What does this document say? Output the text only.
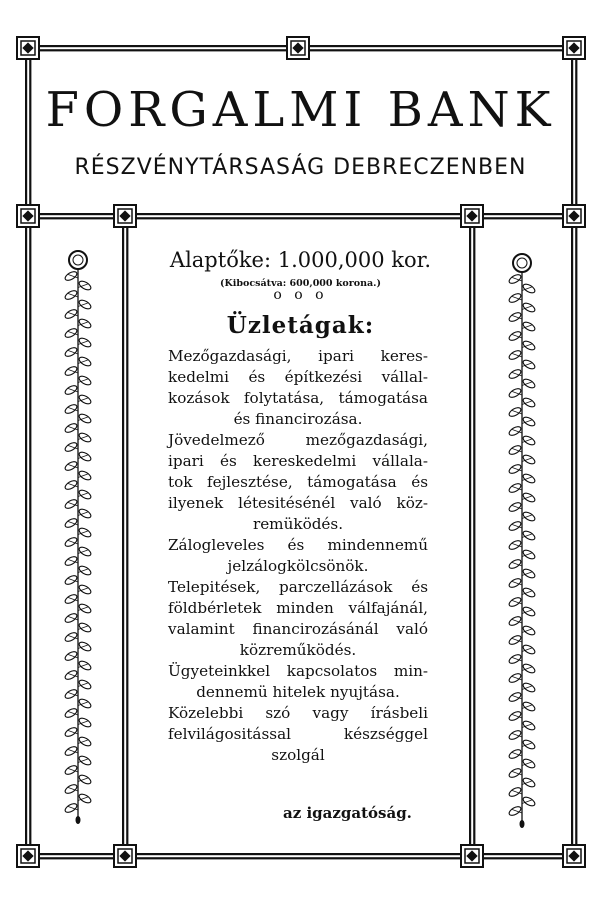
FORGALMI BANK
RÉSZVÉNYTÁRSASÁG DEBRECZENBEN
Alaptőke: 1.000,000 kor.
(Kibocsátva: 600,000 korona.)
o o o
Üzletágak:
Mezőgazdasági, ipari keres-
kedelmi és építkezési vállal-
kozások folytatása, támogatása
és financirozása.
Jövedelmező mezőgazdasági,
ipari és kereskedelmi vállala-
tok fejlesztése, támogatása és
ilyenek létesitésénél való köz-
remüködés.
Zálogleveles és mindennemű
jelzálogkölcsönök.
Telepitések, parczellázások és
földbérletek minden válfajánál,
valamint financirozásánál való
közreműködés.
Ügyeteinkkel kapcsolatos min-
dennemü hitelek nyujtása.
Közelebbi szó vagy írásbeli
felvilágositással készséggel
szolgál
az igazgatóság.
